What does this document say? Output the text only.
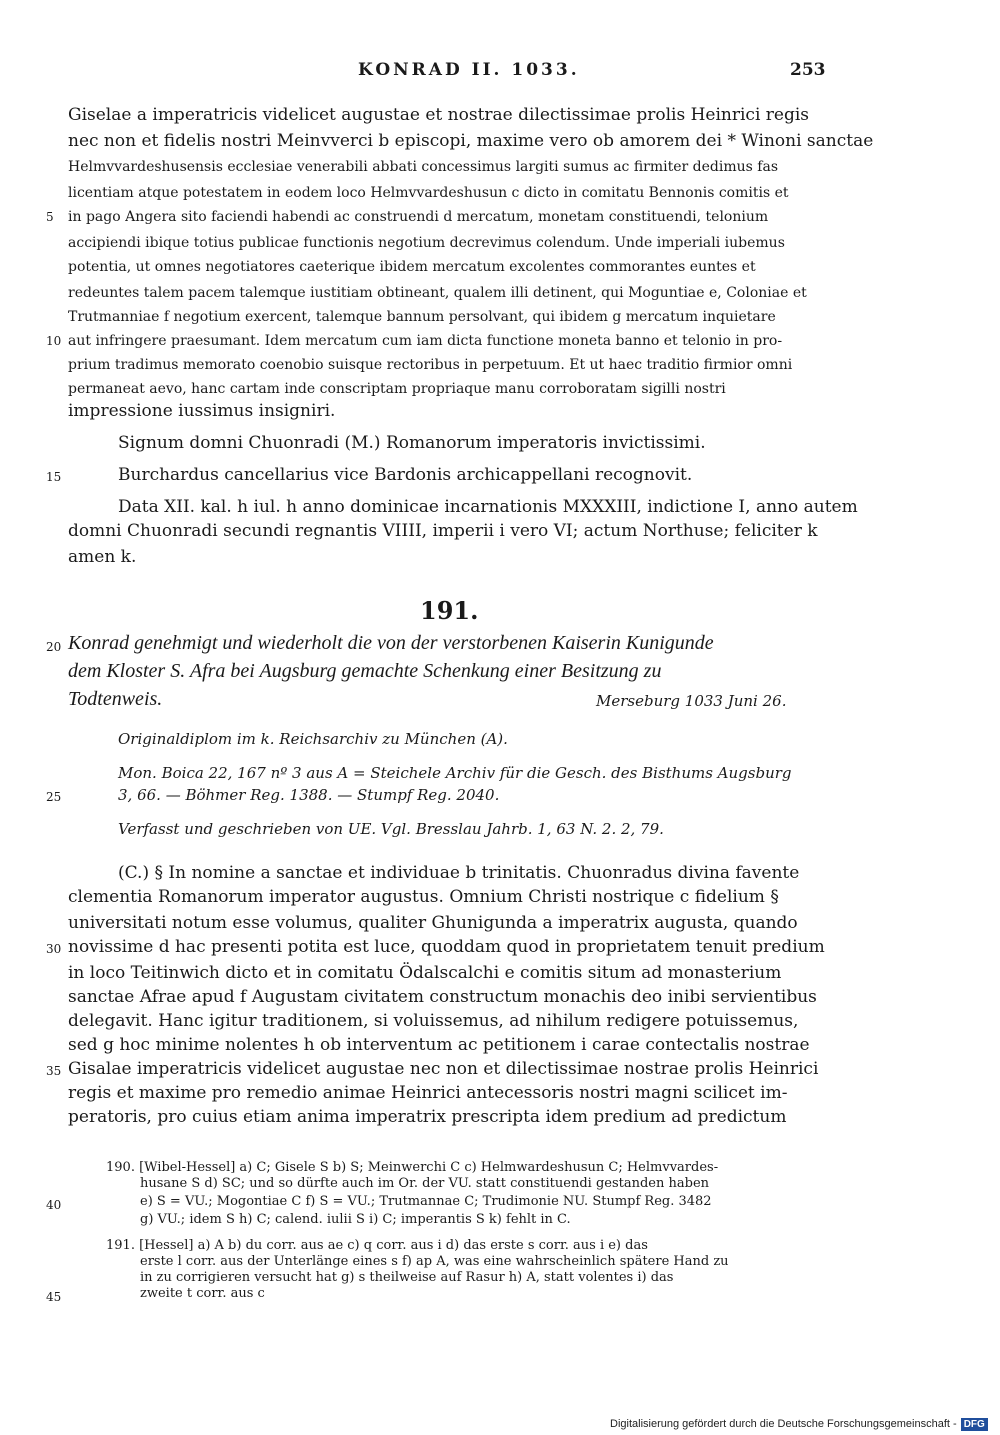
KONRAD II. 1033.	253
Giselae a imperatricis videlicet augustae et nostrae dilectissimae prolis Heinrici regis
nec non et fidelis nostri Meinvverci b episcopi, maxime vero ob amorem dei * Winoni sanctae
Helmvvardeshusensis ecclesiae venerabili abbati concessimus largiti sumus ac firmiter dedimus fas
licentiam atque potestatem in eodem loco Helmvvardeshusun c dicto in comitatu Bennonis comitis et
in pago Angera sito faciendi habendi ac construendi d mercatum, monetam constituendi, telonium
accipiendi ibique totius publicae functionis negotium decrevimus colendum. Unde imperiali iubemus
potentia, ut omnes negotiatores caeterique ibidem mercatum excolentes commorantes euntes et
redeuntes talem pacem talemque iustitiam obtineant, qualem illi detinent, qui Moguntiae e, Coloniae et
Trutmanniae f negotium exercent, talemque bannum persolvant, qui ibidem g mercatum inquietare
aut infringere praesumant. Idem mercatum cum iam dicta functione moneta banno et telonio in pro-
prium tradimus memorato coenobio suisque rectoribus in perpetuum. Et ut haec traditio firmior omni
permaneat aevo, hanc cartam inde conscriptam propriaque manu corroboratam sigilli nostri
impressione iussimus insigniri.
Signum domni Chuonradi (M.) Romanorum imperatoris invictissimi.
Burchardus cancellarius vice Bardonis archicappellani recognovit.
Data XII. kal. h iul. h anno dominicae incarnationis MXXXIII, indictione I, anno autem
domni Chuonradi secundi regnantis VIIII, imperii i vero VI; actum Northuse; feliciter k
amen k.
191.
Konrad genehmigt und wiederholt die von der verstorbenen Kaiserin Kunigunde
dem Kloster S. Afra bei Augsburg gemachte Schenkung einer Besitzung zu
Todtenweis.	Merseburg 1033 Juni 26.
Originaldiplom im k. Reichsarchiv zu München (A).
Mon. Boica 22, 167 nº 3 aus A = Steichele Archiv für die Gesch. des Bisthums Augsburg
3, 66. — Böhmer Reg. 1388. — Stumpf Reg. 2040.
Verfasst und geschrieben von UE. Vgl. Bresslau Jahrb. 1, 63 N. 2. 2, 79.
(C.) § In nomine a sanctae et individuae b trinitatis. Chuonradus divina favente
clementia Romanorum imperator augustus. Omnium Christi nostrique c fidelium §
universitati notum esse volumus, qualiter Ghunigunda a imperatrix augusta, quando
novissime d hac presenti potita est luce, quoddam quod in proprietatem tenuit predium
in loco Teitinwich dicto et in comitatu Ödalscalchi e comitis situm ad monasterium
sanctae Afrae apud f Augustam civitatem constructum monachis deo inibi servientibus
delegavit. Hanc igitur traditionem, si voluissemus, ad nihilum redigere potuissemus,
sed g hoc minime nolentes h ob interventum ac petitionem i carae contectalis nostrae
Gisalae imperatricis videlicet augustae nec non et dilectissimae nostrae prolis Heinrici
regis et maxime pro remedio animae Heinrici antecessoris nostri magni scilicet im-
peratoris, pro cuius etiam anima imperatrix prescripta idem predium ad predictum
190. [Wibel-Hessel] a) C; Gisele S b) S; Meinwerchi C c) Helmwardeshusun C; Helmvvardes-
husane S d) SC; und so dürfte auch im Or. der VU. statt constituendi gestanden haben
e) S = VU.; Mogontiae C f) S = VU.; Trutmannae C; Trudimonie NU. Stumpf Reg. 3482
g) VU.; idem S h) C; calend. iulii S i) C; imperantis S k) fehlt in C.
191. [Hessel] a) A b) du corr. aus ae c) q corr. aus i d) das erste s corr. aus i e) das
erste l corr. aus der Unterlänge eines s f) ap A, was eine wahrscheinlich spätere Hand zu
in zu corrigieren versucht hat g) s theilweise auf Rasur h) A, statt volentes i) das
zweite t corr. aus c
5
10
15
20
25
30
35
40
45
Digitalisierung gefördert durch die Deutsche Forschungsgemeinschaft - DFG
